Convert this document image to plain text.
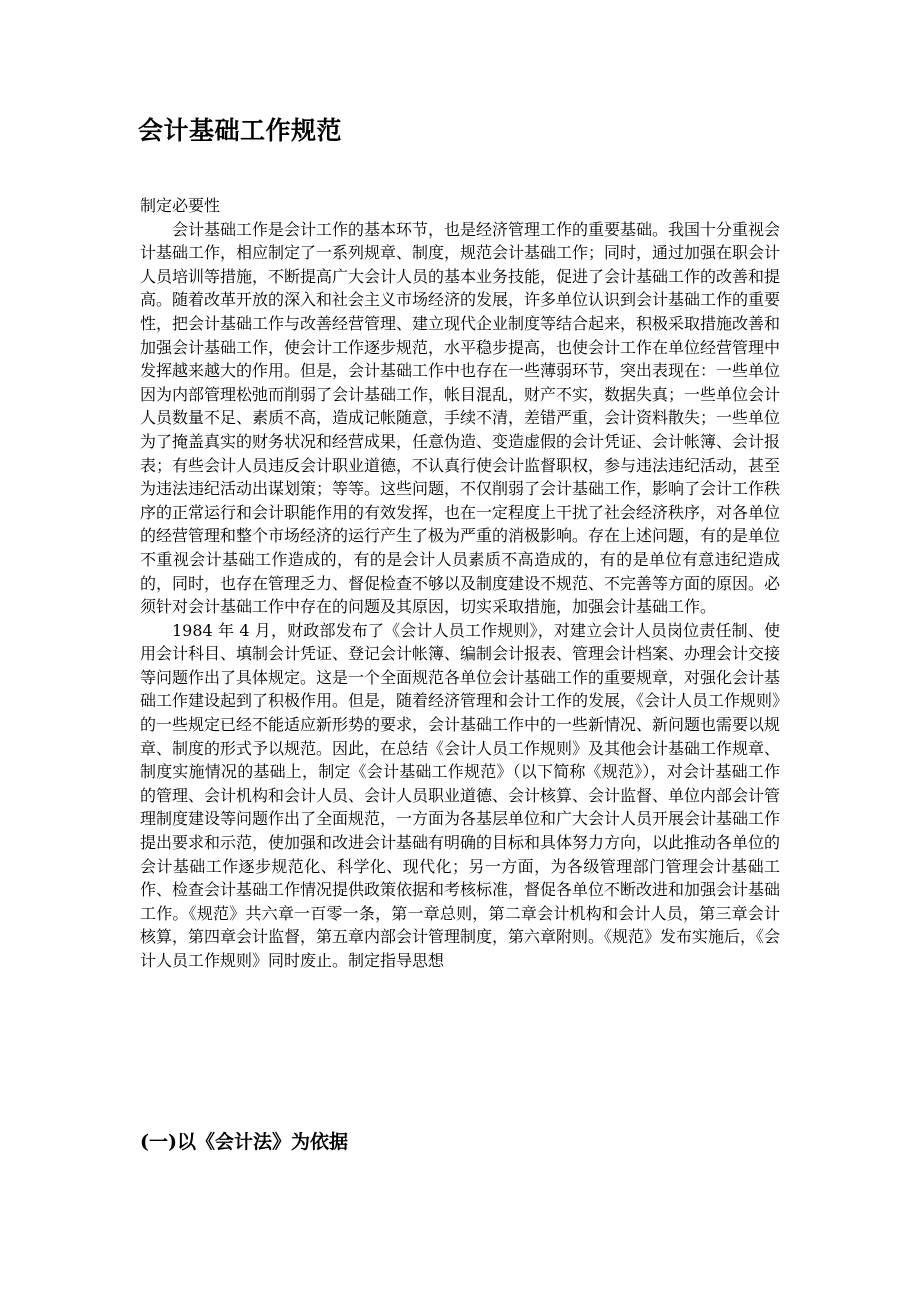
会计基础工作规范

制定必要性

会计基础工作是会计工作的基本环节，也是经济管理工作的重要基础。我国十分重视会计基础工作，相应制定了一系列规章、制度，规范会计基础工作；同时，通过加强在职会计人员培训等措施，不断提高广大会计人员的基本业务技能，促进了会计基础工作的改善和提高。随着改革开放的深入和社会主义市场经济的发展，许多单位认识到会计基础工作的重要性，把会计基础工作与改善经营管理、建立现代企业制度等结合起来，积极采取措施改善和加强会计基础工作，使会计工作逐步规范，水平稳步提高，也使会计工作在单位经营管理中发挥越来越大的作用。但是，会计基础工作中也存在一些薄弱环节，突出表现在：一些单位因为内部管理松弛而削弱了会计基础工作，帐目混乱，财产不实，数据失真；一些单位会计人员数量不足、素质不高，造成记帐随意，手续不清，差错严重，会计资料散失；一些单位为了掩盖真实的财务状况和经营成果，任意伪造、变造虚假的会计凭证、会计帐簿、会计报表；有些会计人员违反会计职业道德，不认真行使会计监督职权，参与违法违纪活动，甚至为违法违纪活动出谋划策；等等。这些问题，不仅削弱了会计基础工作，影响了会计工作秩序的正常运行和会计职能作用的有效发挥，也在一定程度上干扰了社会经济秩序，对各单位的经营管理和整个市场经济的运行产生了极为严重的消极影响。存在上述问题，有的是单位不重视会计基础工作造成的，有的是会计人员素质不高造成的，有的是单位有意违纪造成的，同时，也存在管理乏力、督促检查不够以及制度建设不规范、不完善等方面的原因。必须针对会计基础工作中存在的问题及其原因，切实采取措施，加强会计基础工作。

1984 年 4 月，财政部发布了《会计人员工作规则》，对建立会计人员岗位责任制、使用会计科目、填制会计凭证、登记会计帐簿、编制会计报表、管理会计档案、办理会计交接等问题作出了具体规定。这是一个全面规范各单位会计基础工作的重要规章，对强化会计基础工作建设起到了积极作用。但是，随着经济管理和会计工作的发展，《会计人员工作规则》的一些规定已经不能适应新形势的要求，会计基础工作中的一些新情况、新问题也需要以规章、制度的形式予以规范。因此，在总结《会计人员工作规则》及其他会计基础工作规章、制度实施情况的基础上，制定《会计基础工作规范》（以下简称《规范》），对会计基础工作的管理、会计机构和会计人员、会计人员职业道德、会计核算、会计监督、单位内部会计管理制度建设等问题作出了全面规范，一方面为各基层单位和广大会计人员开展会计基础工作提出要求和示范，使加强和改进会计基础有明确的目标和具体努力方向，以此推动各单位的会计基础工作逐步规范化、科学化、现代化；另一方面，为各级管理部门管理会计基础工作、检查会计基础工作情况提供政策依据和考核标准，督促各单位不断改进和加强会计基础工作。《规范》共六章一百零一条，第一章总则，第二章会计机构和会计人员，第三章会计核算，第四章会计监督，第五章内部会计管理制度，第六章附则。《规范》发布实施后，《会计人员工作规则》同时废止。制定指导思想

(一)以《会计法》为依据
